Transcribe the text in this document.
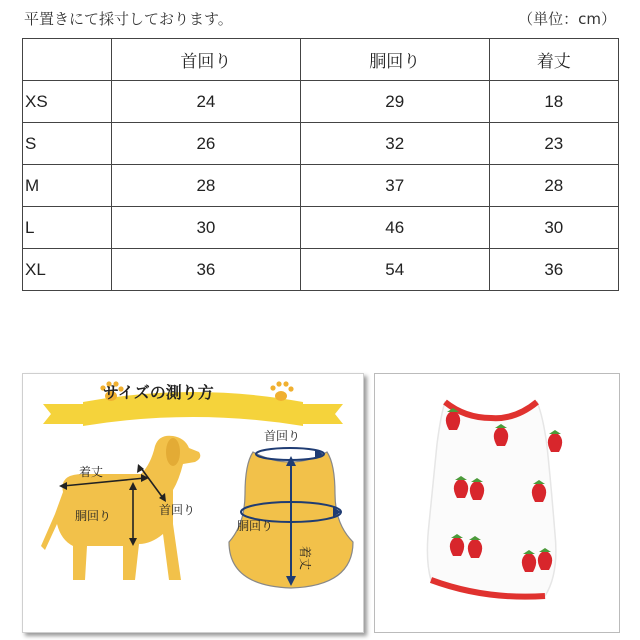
平置きにて採寸しております。	（単位：cm）
	首回り	胴回り	着丈
XS	24	29	18
S	26	32	23
M	28	37	28
L	30	46	30
XL	36	54	36
着丈
胴回り	首回り
首回り
胴回り
着丈
サイズの測り方
